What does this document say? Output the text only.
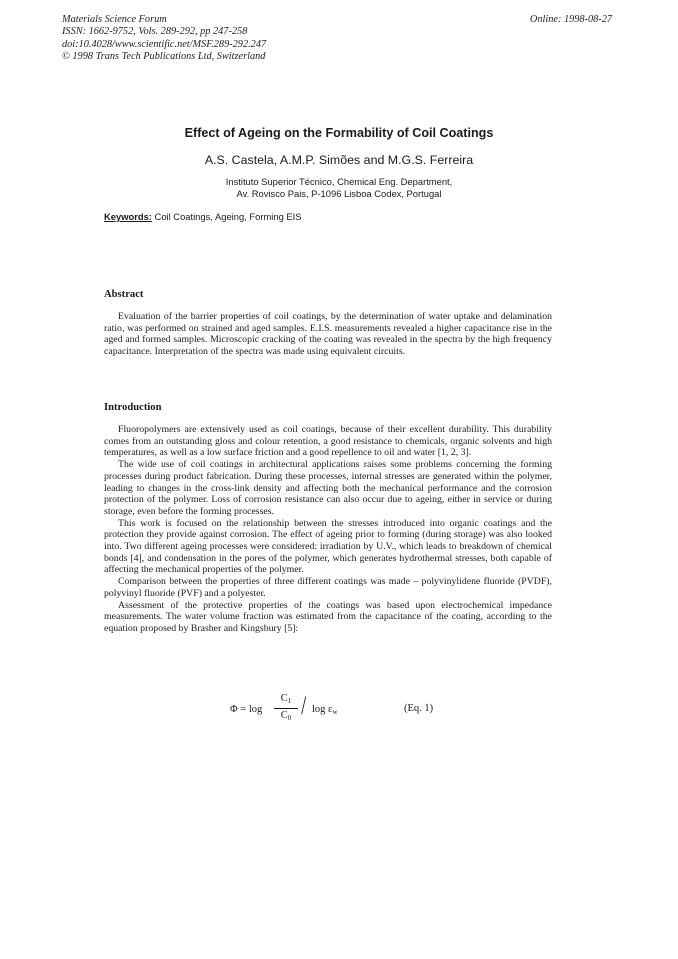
Materials Science Forum
ISSN: 1662-9752, Vols. 289-292, pp 247-258
doi:10.4028/www.scientific.net/MSF.289-292.247
© 1998 Trans Tech Publications Ltd, Switzerland
Online: 1998-08-27
Effect of Ageing on the Formability of Coil Coatings
A.S. Castela, A.M.P. Simões and M.G.S. Ferreira
Instituto Superior Técnico, Chemical Eng. Department,
Av. Rovisco Pais, P-1096 Lisboa Codex, Portugal
Keywords: Coil Coatings, Ageing, Forming EIS
Abstract

Evaluation of the barrier properties of coil coatings, by the determination of water uptake and delamination ratio, was performed on strained and aged samples. E.I.S. measurements revealed a higher capacitance rise in the aged and formed samples. Microscopic cracking of the coating was revealed in the spectra by the high frequency capacitance. Interpretation of the spectra was made using equivalent circuits.

Introduction

Fluoropolymers are extensively used as coil coatings, because of their excellent durability. This durability comes from an outstanding gloss and colour retention, a good resistance to chemicals, organic solvents and high temperatures, as well as a low surface friction and a good repellence to oil and water [1, 2, 3].

The wide use of coil coatings in architectural applications raises some problems concerning the forming processes during product fabrication. During these processes, internal stresses are generated within the polymer, leading to changes in the cross-link density and affecting both the mechanical performance and the corrosion protection of the polymer. Loss of corrosion resistance can also occur due to ageing, either in service or during storage, even before the forming processes.

This work is focused on the relationship between the stresses introduced into organic coatings and the protection they provide against corrosion. The effect of ageing prior to forming (during storage) was also looked into. Two different ageing processes were considered: irradiation by U.V., which leads to breakdown of chemical bonds [4], and condensation in the pores of the polymer, which generates hydrothermal stresses, both capable of affecting the mechanical properties of the polymer.

Comparison between the properties of three different coatings was made – polyvinylidene fluoride (PVDF), polyvinyl fluoride (PVF) and a polyester.

Assessment of the protective properties of the coatings was based upon electrochemical impedance measurements. The water volume fraction was estimated from the capacitance of the coating, according to the equation proposed by Brasher and Kingsbury [5]:

$\Phi = \log \frac{C_1}{C_0} / \log \varepsilon_w$	(Eq. 1)
